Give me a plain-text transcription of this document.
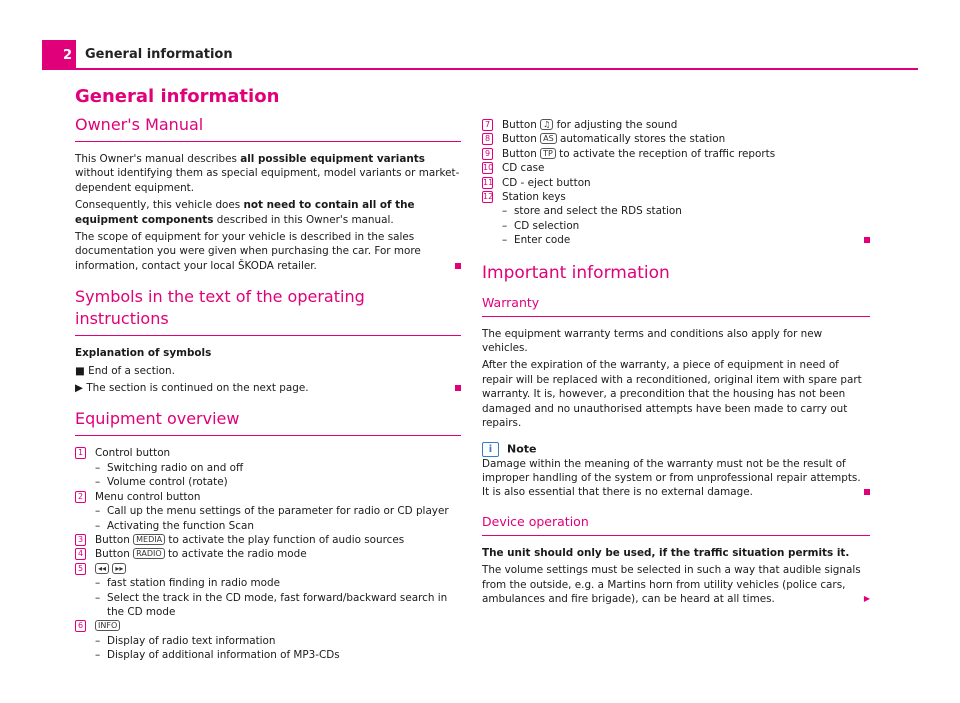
2 General information
General information
Owner's Manual

This Owner's manual describes all possible equipment variants without identifying them as special equipment, model variants or market-dependent equipment.

Consequently, this vehicle does not need to contain all of the equipment components described in this Owner's manual.

The scope of equipment for your vehicle is described in the sales documentation you were given when purchasing the car. For more information, contact your local ŠKODA retailer.

Symbols in the text of the operating instructions

Explanation of symbols

■ End of a section.

▶ The section is continued on the next page.

Equipment overview
1 Control button
– Switching radio on and off
– Volume control (rotate)
2 Menu control button
– Call up the menu settings of the parameter for radio or CD player
– Activating the function Scan
3 Button MEDIA to activate the play function of audio sources
4 Button RADIO to activate the radio mode
5	◂◂ ▸▸
– fast station finding in radio mode
– Select the track in the CD mode, fast forward/backward search in the CD mode
6	INFO
– Display of radio text information
– Display of additional information of MP3-CDs
7 Button ♫ for adjusting the sound
8 Button AS automatically stores the station
9 Button TP to activate the reception of traffic reports
10 CD case
11 CD - eject button
12 Station keys
– store and select the RDS station
– CD selection
– Enter code
Important information
Warranty

The equipment warranty terms and conditions also apply for new vehicles.

After the expiration of the warranty, a piece of equipment in need of repair will be replaced with a reconditioned, original item with spare part warranty. It is, however, a precondition that the housing has not been damaged and no unauthorised attempts have been made to carry out repairs.

i Note

Damage within the meaning of the warranty must not be the result of improper handling of the system or from unprofessional repair attempts. It is also essential that there is no external damage.

Device operation

The unit should only be used, if the traffic situation permits it.

The volume settings must be selected in such a way that audible signals from the outside, e.g. a Martins horn from utility vehicles (police cars, ambulances and fire brigade), can be heard at all times.	▶
